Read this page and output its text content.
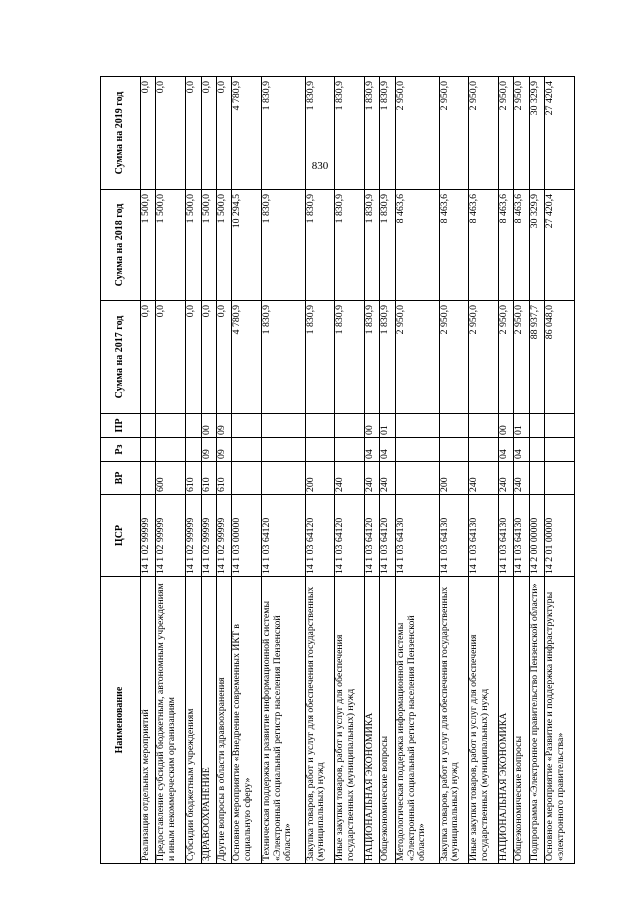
830
Наименование	ЦСР	ВР	Рз	ПР	Сумма на 2017 год	Сумма на 2018 год	Сумма на 2019 год
Реализация отдельных мероприятий	14 1 02 99999				0,0	1 500,0	0,0
Предоставление субсидий бюджетным, автономным учреждениям и иным некоммерческим организациям	14 1 02 99999	600			0,0	1 500,0	0,0
Субсидии бюджетным учреждениям	14 1 02 99999	610			0,0	1 500,0	0,0
ЗДРАВООХРАНЕНИЕ	14 1 02 99999	610	09	00	0,0	1 500,0	0,0
Другие вопросы в области здравоохранения	14 1 02 99999	610	09	09	0,0	1 500,0	0,0
Основное мероприятие «Внедрение современных ИКТ в социальную сферу»	14 1 03 00000				4 780,9	10 294,5	4 780,9
Техническая поддержка и развитие информационной системы «Электронный социальный регистр населения Пензенской области»	14 1 03 64120				1 830,9	1 830,9	1 830,9
Закупка товаров, работ и услуг для обеспечения государственных (муниципальных) нужд	14 1 03 64120	200			1 830,9	1 830,9	1 830,9
Иные закупки товаров, работ и услуг для обеспечения государственных (муниципальных) нужд	14 1 03 64120	240			1 830,9	1 830,9	1 830,9
НАЦИОНАЛЬНАЯ ЭКОНОМИКА	14 1 03 64120	240	04	00	1 830,9	1 830,9	1 830,9
Общеэкономические вопросы	14 1 03 64120	240	04	01	1 830,9	1 830,9	1 830,9
Методологическая поддержка информационной системы «Электронный социальный регистр населения Пензенской области»	14 1 03 64130				2 950,0	8 463,6	2 950,0
Закупка товаров, работ и услуг для обеспечения государственных (муниципальных) нужд	14 1 03 64130	200			2 950,0	8 463,6	2 950,0
Иные закупки товаров, работ и услуг для обеспечения государственных (муниципальных) нужд	14 1 03 64130	240			2 950,0	8 463,6	2 950,0
НАЦИОНАЛЬНАЯ ЭКОНОМИКА	14 1 03 64130	240	04	00	2 950,0	8 463,6	2 950,0
Общеэкономические вопросы	14 1 03 64130	240	04	01	2 950,0	8 463,6	2 950,0
Подпрограмма «Электронное правительство Пензенской области»	14 2 00 00000				88 937,7	30 329,9	30 329,9
Основное мероприятие «Развитие и поддержка инфраструктуры «электронного правительства»	14 2 01 00000				86 048,0	27 420,4	27 420,4
